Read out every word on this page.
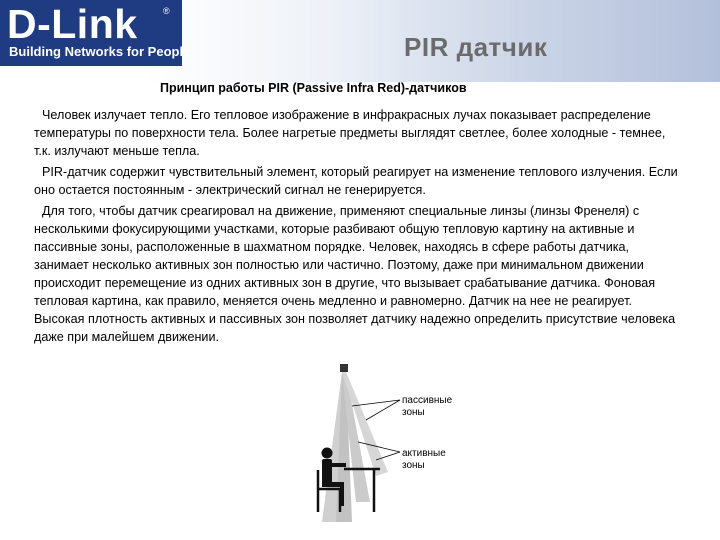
D-Link	®
Building Networks for People	PIR датчик
Принцип работы PIR (Passive Infra Red)-датчиков

Человек излучает тепло. Его тепловое изображение в инфракрасных лучах показывает распределение температуры по поверхности тела. Более нагретые предметы выглядят светлее, более холодные - темнее, т.к. излучают меньше тепла.

PIR-датчик содержит чувствительный элемент, который реагирует на изменение теплового излучения. Если оно остается постоянным - электрический сигнал не генерируется.

Для того, чтобы датчик среагировал на движение, применяют специальные линзы (линзы Френеля) с несколькими фокусирующими участками, которые разбивают общую тепловую картину на активные и пассивные зоны, расположенные в шахматном порядке. Человек, находясь в сфере работы датчика, занимает несколько активных зон полностью или частично. Поэтому, даже при минимальном движении происходит перемещение из одних активных зон в другие, что вызывает срабатывание датчика. Фоновая тепловая картина, как правило, меняется очень медленно и равномерно. Датчик на нее не реагирует. Высокая плотность активных и пассивных зон позволяет датчику надежно определить присутствие человека даже при малейшем движении.

пассивные
зоны
активные
зоны
